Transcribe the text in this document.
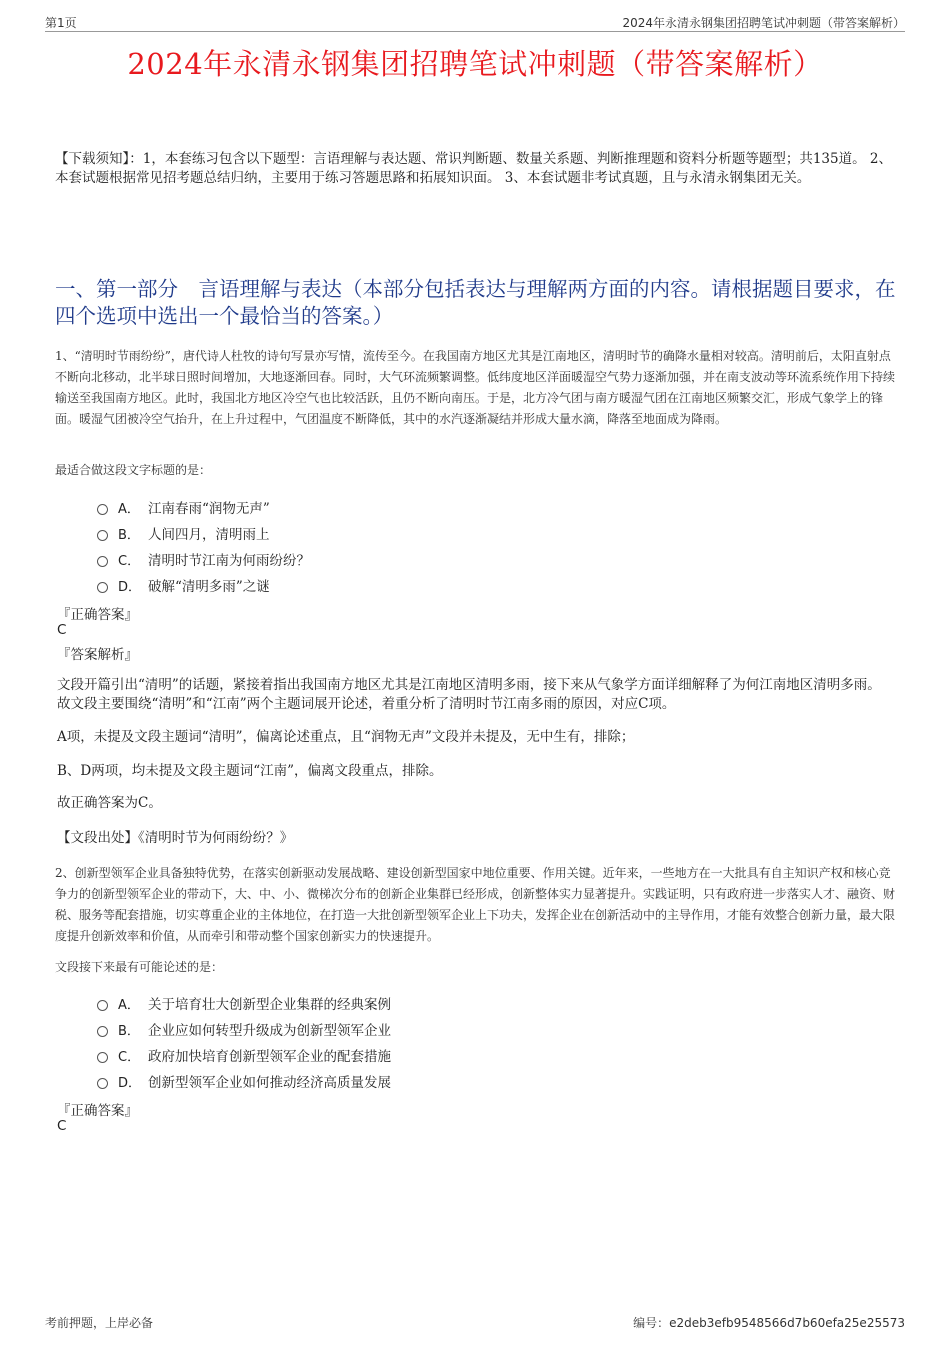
第1页	2024年永清永钢集团招聘笔试冲刺题（带答案解析）
2024年永清永钢集团招聘笔试冲刺题（带答案解析）
【下载须知】：1，本套练习包含以下题型：言语理解与表达题、常识判断题、数量关系题、判断推理题和资料分析题等题型；共135道。 2、本套试题根据常见招考题总结归纳，主要用于练习答题思路和拓展知识面。 3、本套试题非考试真题，且与永清永钢集团无关。
一、第一部分　言语理解与表达（本部分包括表达与理解两方面的内容。请根据题目要求，在四个选项中选出一个最恰当的答案。）
1、“清明时节雨纷纷”，唐代诗人杜牧的诗句写景亦写情，流传至今。在我国南方地区尤其是江南地区，清明时节的确降水量相对较高。清明前后，太阳直射点不断向北移动，北半球日照时间增加，大地逐渐回春。同时，大气环流频繁调整。低纬度地区洋面暖湿空气势力逐渐加强，并在南支波动等环流系统作用下持续输送至我国南方地区。此时，我国北方地区冷空气也比较活跃，且仍不断向南压。于是，北方冷气团与南方暖湿气团在江南地区频繁交汇，形成气象学上的锋面。暖湿气团被冷空气抬升，在上升过程中，气团温度不断降低，其中的水汽逐渐凝结并形成大量水滴，降落至地面成为降雨。
最适合做这段文字标题的是：
A． 江南春雨“润物无声”
B． 人间四月，清明雨上
C． 清明时节江南为何雨纷纷？
D． 破解“清明多雨”之谜
『正确答案』
C
『答案解析』
文段开篇引出“清明”的话题，紧接着指出我国南方地区尤其是江南地区清明多雨，接下来从气象学方面详细解释了为何江南地区清明多雨。故文段主要围绕“清明”和“江南”两个主题词展开论述，着重分析了清明时节江南多雨的原因，对应C项。
A项，未提及文段主题词“清明”，偏离论述重点，且“润物无声”文段并未提及，无中生有，排除；
B、D两项，均未提及文段主题词“江南”，偏离文段重点，排除。
故正确答案为C。
【文段出处】《清明时节为何雨纷纷？》
2、创新型领军企业具备独特优势，在落实创新驱动发展战略、建设创新型国家中地位重要、作用关键。近年来，一些地方在一大批具有自主知识产权和核心竞争力的创新型领军企业的带动下，大、中、小、微梯次分布的创新企业集群已经形成，创新整体实力显著提升。实践证明，只有政府进一步落实人才、融资、财税、服务等配套措施，切实尊重企业的主体地位，在打造一大批创新型领军企业上下功夫，发挥企业在创新活动中的主导作用，才能有效整合创新力量，最大限度提升创新效率和价值，从而牵引和带动整个国家创新实力的快速提升。
文段接下来最有可能论述的是：
A． 关于培育壮大创新型企业集群的经典案例
B． 企业应如何转型升级成为创新型领军企业
C． 政府加快培育创新型领军企业的配套措施
D． 创新型领军企业如何推动经济高质量发展
『正确答案』
C
考前押题，上岸必备	编号：e2deb3efb9548566d7b60efa25e25573
